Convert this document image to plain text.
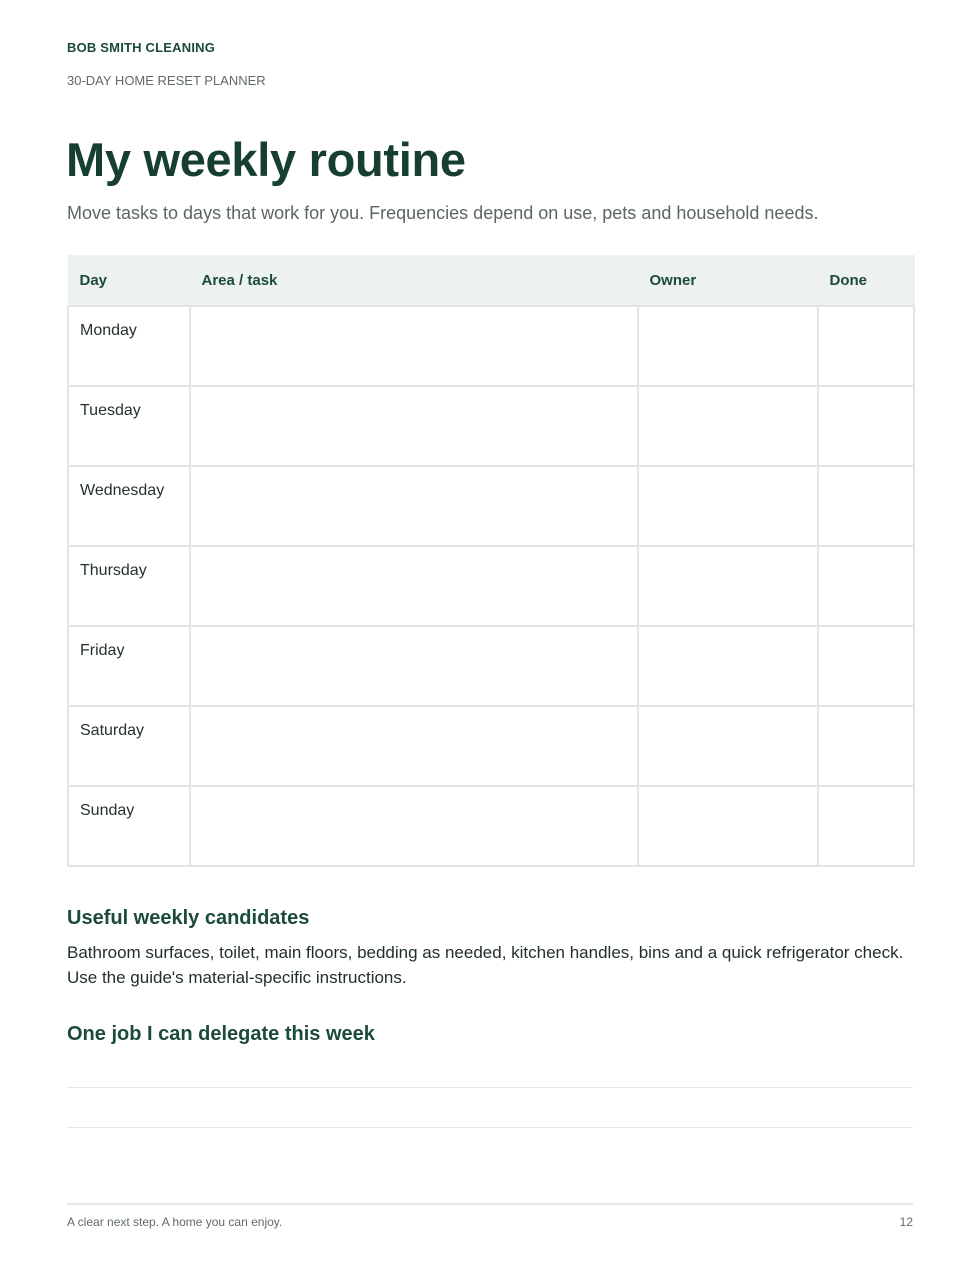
BOB SMITH CLEANING
30-DAY HOME RESET PLANNER
My weekly routine

Move tasks to days that work for you. Frequencies depend on use, pets and household needs.

Day	Area / task	Owner	Done
Monday			
Tuesday			
Wednesday			
Thursday			
Friday			
Saturday			
Sunday			
Useful weekly candidates

Bathroom surfaces, toilet, main floors, bedding as needed, kitchen handles, bins and a quick refrigerator check. Use the guide's material-specific instructions.

One job I can delegate this week
A clear next step. A home you can enjoy.	12
